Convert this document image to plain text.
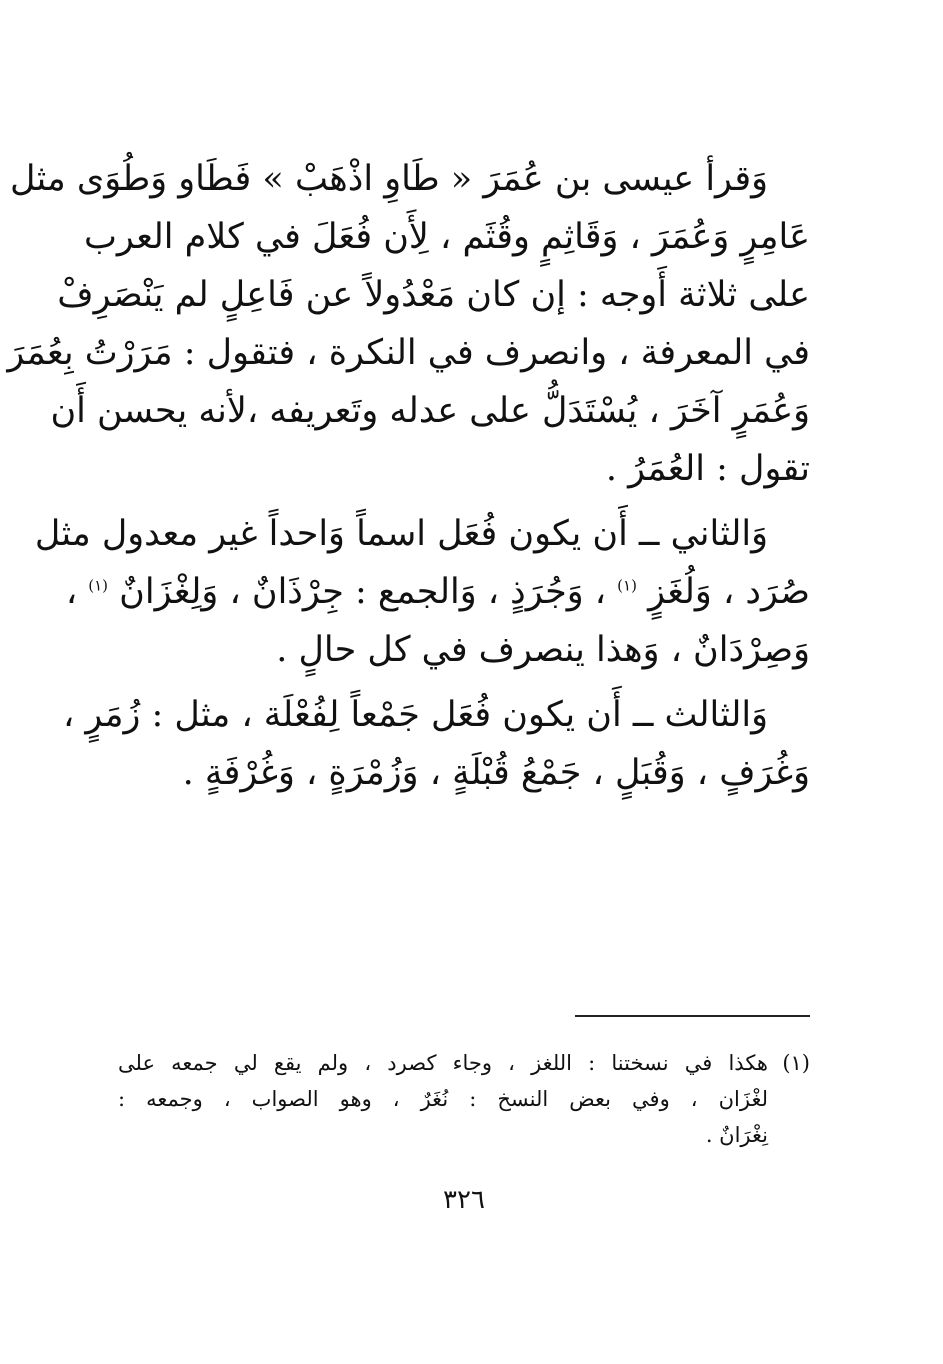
وَقرأ عيسى بن عُمَرَ « طَاوِ اذْهَبْ » فَطَاو وَطُوَى مثل
عَامِرٍ وَعُمَرَ ، وَقَاثِمٍ وقُثَم ، لِأَن فُعَلَ في كلام العرب
على ثلاثة أَوجه : إن كان مَعْدُولاً عن فَاعِلٍ لم يَنْصَرِفْ
في المعرفة ، وانصرف في النكرة ، فتقول : مَرَرْتُ بِعُمَرَ
وَعُمَرٍ آخَرَ ، يُسْتَدَلُّ على عدله وتَعريفه ،لأنه يحسن أَن
تقول : العُمَرُ .

وَالثاني ــ أَن يكون فُعَل اسماً وَاحداً غير معدول مثل
صُرَد ، وَلُغَزٍ $^{(١)}$ ، وَجُرَذٍ ، وَالجمع : جِرْذَانٌ ، وَلِغْزَانٌ $^{(١)}$ ،
وَصِرْدَانٌ ، وَهذا ينصرف في كل حالٍ .

وَالثالث ــ أَن يكون فُعَل جَمْعاً لِفُعْلَة ، مثل : زُمَرٍ ،
وَغُرَفٍ ، وَقُبَلٍ ، جَمْعُ قُبْلَةٍ ، وَزُمْرَةٍ ، وَغُرْفَةٍ .

(١)
هكذا في نسختنا : اللغز ، وجاء كصرد ، ولم يقع لي جمعه على
لغْزَان ، وفي بعض النسخ : نُغَرٌ ، وهو الصواب ، وجمعه :
نِغْرَانٌ .
٣٢٦
